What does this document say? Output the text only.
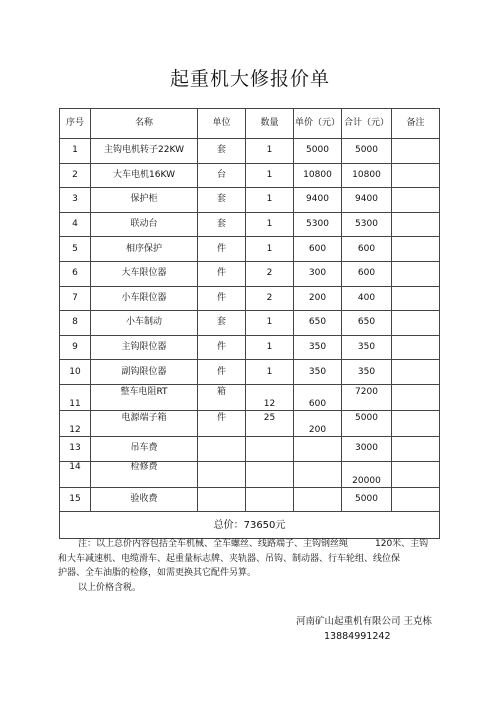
起重机大修报价单
序号	名称	单位	数量	单价（元）	合计（元）	备注
1	主钩电机转子22KW	套	1	5000	5000	
2	大车电机16KW	台	1	10800	10800	
3	保护柜	套	1	9400	9400	
4	联动台	套	1	5300	5300	
5	相序保护	件	1	600	600	
6	大车限位器	件	2	300	600	
7	小车限位器	件	2	200	400	
8	小车制动	套	1	650	650	
9	主钩限位器	件	1	350	350	
10	副钩限位器	件	1	350	350	

11	整车电阻RT	箱	12	600	7200	

12	电源端子箱	件	25	200	5000	

13	吊车费				3000	
14	检修费				20000	

15	验收费				5000	
总价：73650元						

注：以上总价内容包括全车机械、全车螺丝、线路端子、主钩钢丝绳　　　120米、主钩

和大车减速机、电缆滑车、起重量标志牌、夹轨器、吊钩、制动器、行车轮组、线位保

护器、全车油脂的检修，如需更换其它配件另算。

以上价格含税。

河南矿山起重机有限公司 王克栋

13884991242
